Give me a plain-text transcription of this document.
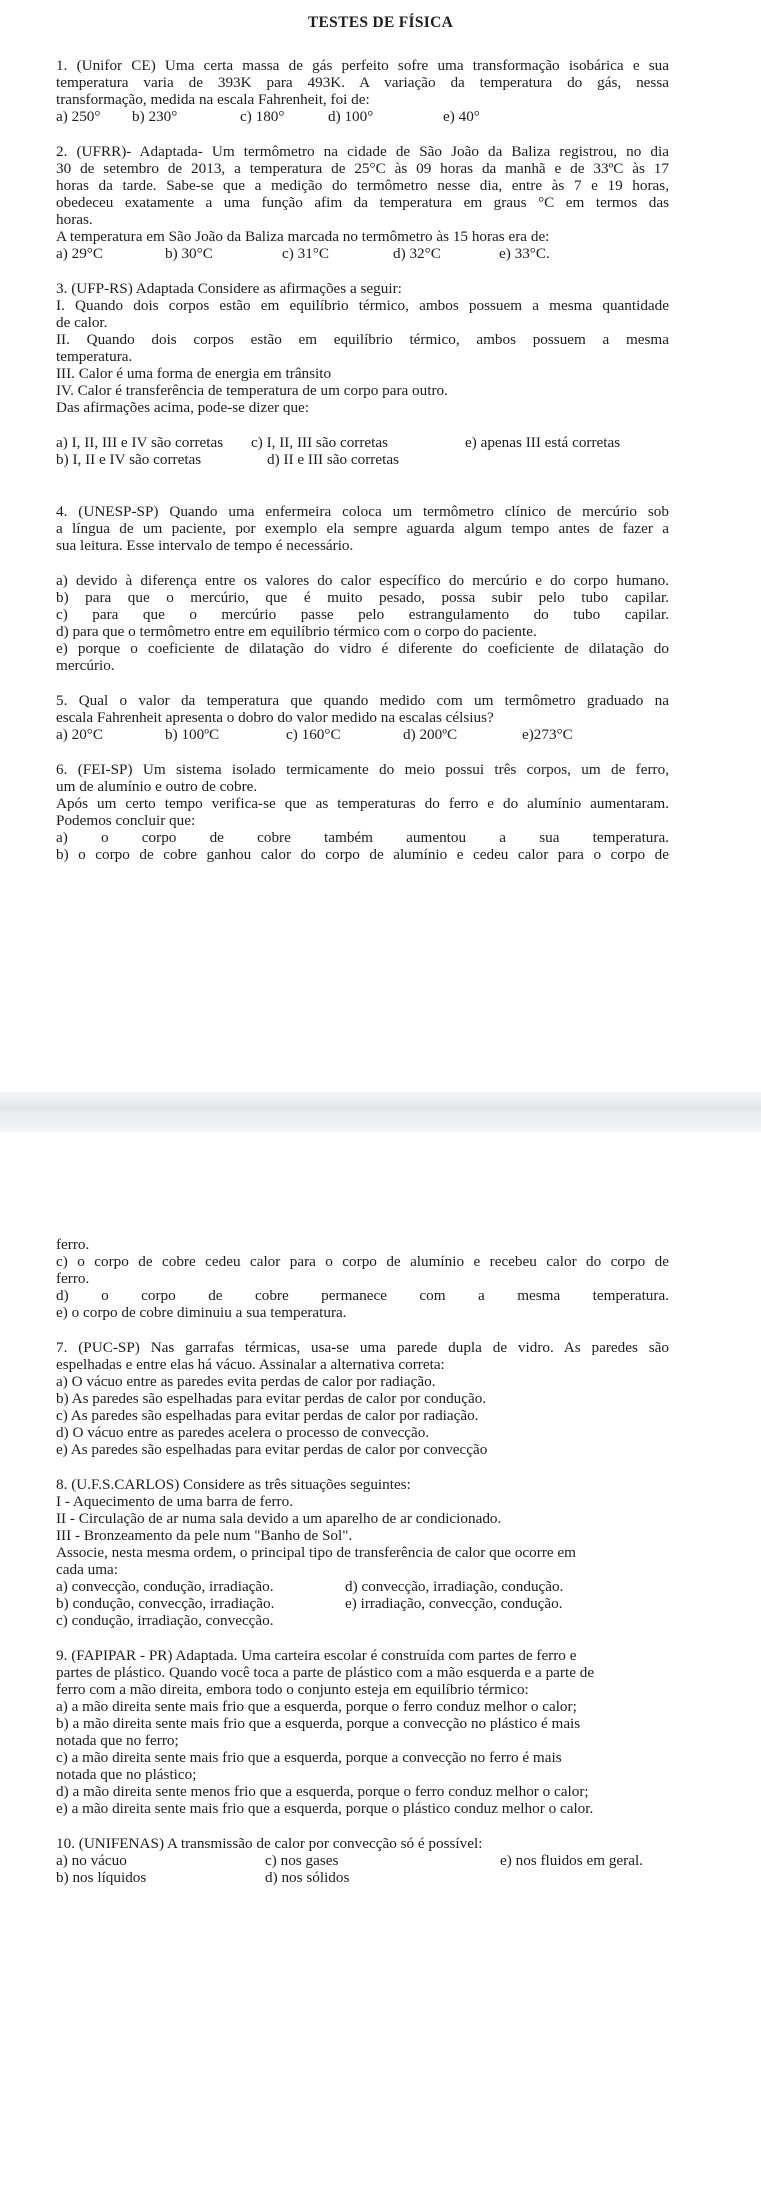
TESTES DE FÍSICA
1. (Unifor CE) Uma certa massa de gás perfeito sofre uma transformação isobárica e sua
temperatura varia de 393K para 493K. A variação da temperatura do gás, nessa
transformação, medida na escala Fahrenheit, foi de:
a) 250° b) 230°	c) 180°	d) 100°	e) 40°
2. (UFRR)- Adaptada- Um termômetro na cidade de São João da Baliza registrou, no dia
30 de setembro de 2013, a temperatura de 25°C às 09 horas da manhã e de 33ºC às 17
horas da tarde. Sabe-se que a medição do termômetro nesse dia, entre às 7 e 19 horas,
obedeceu exatamente a uma função afim da temperatura em graus °C em termos das
horas.
A temperatura em São João da Baliza marcada no termômetro às 15 horas era de:
a) 29°C	b) 30°C	c) 31°C	d) 32°C	e) 33°C.
3. (UFP-RS) Adaptada Considere as afirmações a seguir:
I. Quando dois corpos estão em equilíbrio térmico, ambos possuem a mesma quantidade
de calor.
II. Quando dois corpos estão em equilíbrio térmico, ambos possuem a mesma
temperatura.
III. Calor é uma forma de energia em trânsito
IV. Calor é transferência de temperatura de um corpo para outro.
Das afirmações acima, pode-se dizer que:
a) I, II, III e IV são corretas c) I, II, III são corretas	e) apenas III está corretas
b) I, II e IV são corretas	d) II e III são corretas
4. (UNESP-SP) Quando uma enfermeira coloca um termômetro clínico de mercúrio sob
a língua de um paciente, por exemplo ela sempre aguarda algum tempo antes de fazer a
sua leitura. Esse intervalo de tempo é necessário.
a) devido à diferença entre os valores do calor específico do mercúrio e do corpo humano.
b) para que o mercúrio, que é muito pesado, possa subir pelo tubo capilar.
c) para que o mercúrio passe pelo estrangulamento do tubo capilar.
d) para que o termômetro entre em equilíbrio térmico com o corpo do paciente.
e) porque o coeficiente de dilatação do vidro é diferente do coeficiente de dilatação do
mercúrio.
5. Qual o valor da temperatura que quando medido com um termômetro graduado na
escala Fahrenheit apresenta o dobro do valor medido na escalas célsius?
a) 20°C	b) 100ºC	c) 160°C	d) 200ºC	e)273°C
6. (FEI-SP) Um sistema isolado termicamente do meio possui três corpos, um de ferro,
um de alumínio e outro de cobre.
Após um certo tempo verifica-se que as temperaturas do ferro e do alumínio aumentaram.
Podemos concluir que:
a) o corpo de cobre também aumentou a sua temperatura.
b) o corpo de cobre ganhou calor do corpo de alumínio e cedeu calor para o corpo de
ferro.
c) o corpo de cobre cedeu calor para o corpo de alumínio e recebeu calor do corpo de
ferro.
d) o corpo de cobre permanece com a mesma temperatura.
e) o corpo de cobre diminuiu a sua temperatura.
7. (PUC-SP) Nas garrafas térmicas, usa-se uma parede dupla de vidro. As paredes são
espelhadas e entre elas há vácuo. Assinalar a alternativa correta:
a) O vácuo entre as paredes evita perdas de calor por radiação.
b) As paredes são espelhadas para evitar perdas de calor por condução.
c) As paredes são espelhadas para evitar perdas de calor por radiação.
d) O vácuo entre as paredes acelera o processo de convecção.
e) As paredes são espelhadas para evitar perdas de calor por convecção
8. (U.F.S.CARLOS) Considere as três situações seguintes:
I - Aquecimento de uma barra de ferro.
II - Circulação de ar numa sala devido a um aparelho de ar condicionado.
III - Bronzeamento da pele num "Banho de Sol".
Associe, nesta mesma ordem, o principal tipo de transferência de calor que ocorre em
cada uma:
a) convecção, condução, irradiação.	d) convecção, irradiação, condução.
b) condução, convecção, irradiação.	e) irradiação, convecção, condução.
c) condução, irradiação, convecção.
9. (FAPIPAR - PR) Adaptada. Uma carteira escolar é construída com partes de ferro e
partes de plástico. Quando você toca a parte de plástico com a mão esquerda e a parte de
ferro com a mão direita, embora todo o conjunto esteja em equilíbrio térmico:
a) a mão direita sente mais frio que a esquerda, porque o ferro conduz melhor o calor;
b) a mão direita sente mais frio que a esquerda, porque a convecção no plástico é mais
notada que no ferro;
c) a mão direita sente mais frio que a esquerda, porque a convecção no ferro é mais
notada que no plástico;
d) a mão direita sente menos frio que a esquerda, porque o ferro conduz melhor o calor;
e) a mão direita sente mais frio que a esquerda, porque o plástico conduz melhor o calor.
10. (UNIFENAS) A transmissão de calor por convecção só é possível:
a) no vácuo	c) nos gases	e) nos fluidos em geral.
b) nos líquidos	d) nos sólidos
